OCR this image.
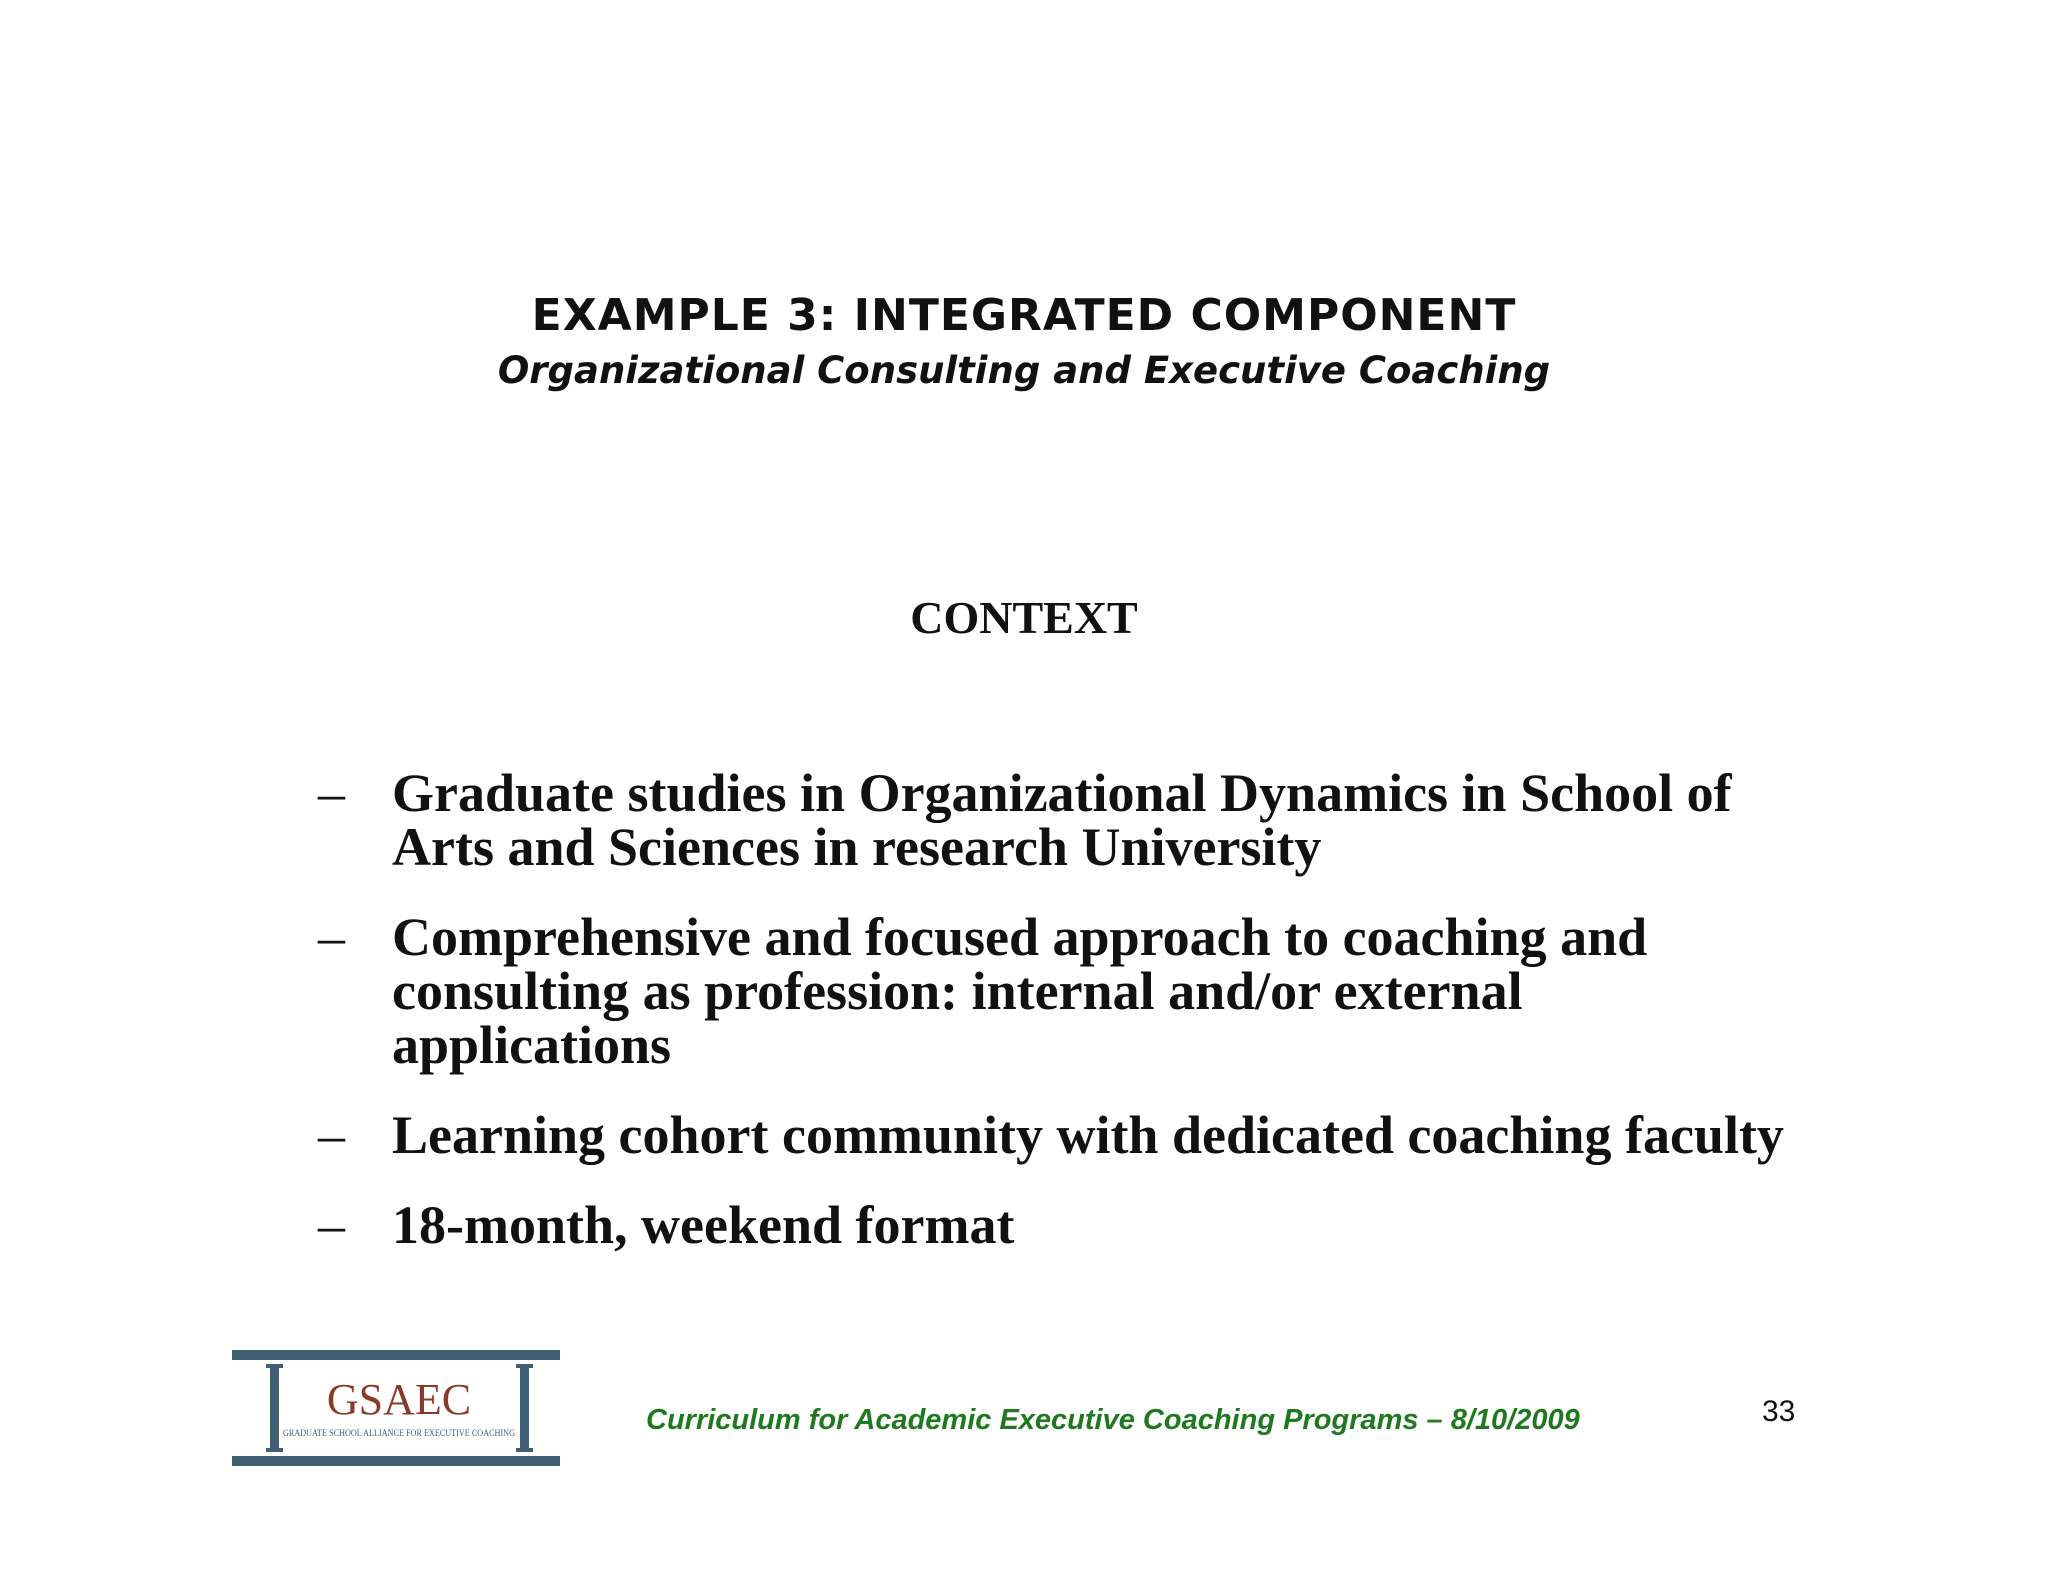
EXAMPLE 3: INTEGRATED COMPONENT
Organizational Consulting and Executive Coaching
CONTEXT
– Graduate studies in Organizational Dynamics in School of Arts and Sciences in research University
– Comprehensive and focused approach to coaching and consulting as profession: internal and/or external applications
– Learning cohort community with dedicated coaching faculty
– 18-month, weekend format
GSAEC
GRADUATE SCHOOL ALLIANCE FOR EXECUTIVE COACHING	Curriculum for Academic Executive Coaching Programs – 8/10/2009	33
